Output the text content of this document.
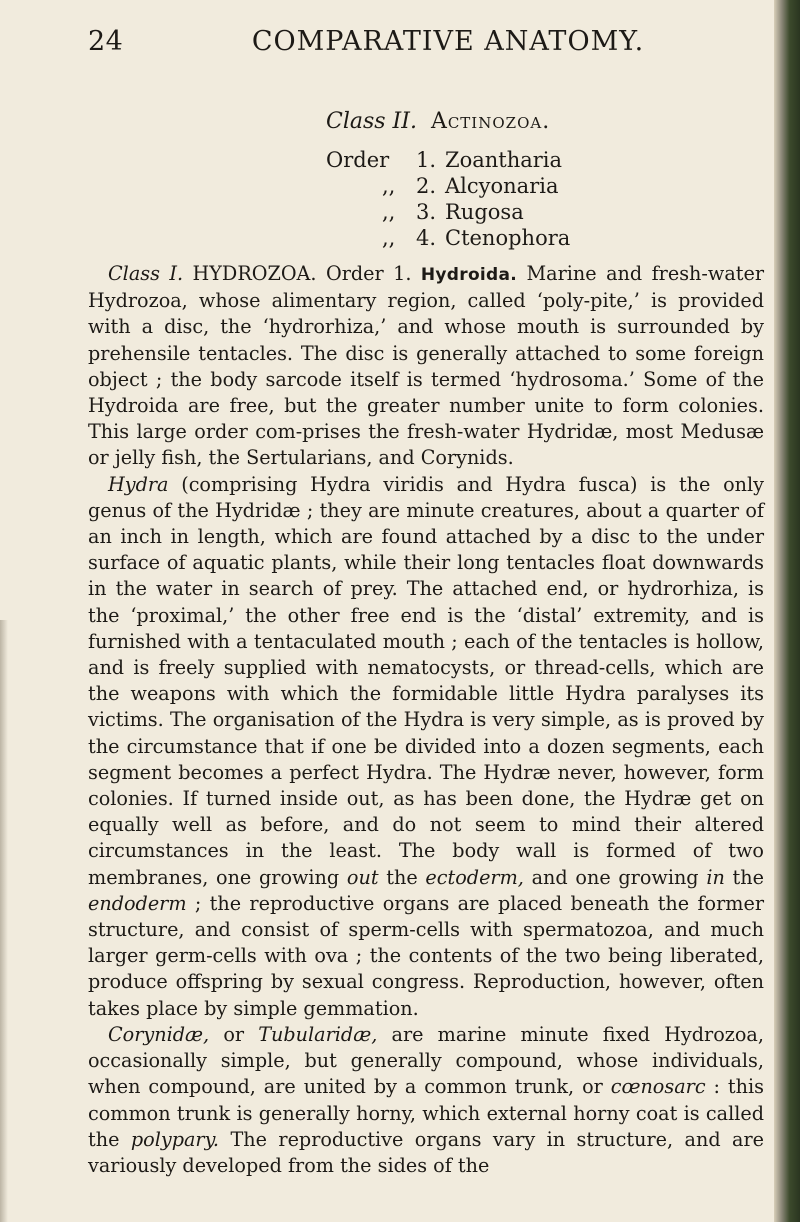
24	COMPARATIVE ANATOMY.
Class II. Actinozoa.
Order 1. Zoantharia
,, 2. Alcyonaria
,, 3. Rugosa
,, 4. Ctenophora

Class I. HYDROZOA. Order 1. Hydroida. Marine and fresh-water Hydrozoa, whose alimentary region, called ‘poly-pite,’ is provided with a disc, the ‘hydrorhiza,’ and whose mouth is surrounded by prehensile tentacles. The disc is generally attached to some foreign object ; the body sarcode itself is termed ‘hydrosoma.’ Some of the Hydroida are free, but the greater number unite to form colonies. This large order com-prises the fresh-water Hydridæ, most Medusæ or jelly fish, the Sertularians, and Corynids.

Hydra (comprising Hydra viridis and Hydra fusca) is the only genus of the Hydridæ ; they are minute creatures, about a quarter of an inch in length, which are found attached by a disc to the under surface of aquatic plants, while their long tentacles float downwards in the water in search of prey. The attached end, or hydrorhiza, is the ‘proximal,’ the other free end is the ‘distal’ extremity, and is furnished with a tentaculated mouth ; each of the tentacles is hollow, and is freely supplied with nematocysts, or thread-cells, which are the weapons with which the formidable little Hydra paralyses its victims. The organisation of the Hydra is very simple, as is proved by the circumstance that if one be divided into a dozen segments, each segment becomes a perfect Hydra. The Hydræ never, however, form colonies. If turned inside out, as has been done, the Hydræ get on equally well as before, and do not seem to mind their altered circumstances in the least. The body wall is formed of two membranes, one growing out the ectoderm, and one growing in the endoderm ; the reproductive organs are placed beneath the former structure, and consist of sperm-cells with spermatozoa, and much larger germ-cells with ova ; the contents of the two being liberated, produce offspring by sexual congress. Reproduction, however, often takes place by simple gemmation.

Corynidæ, or Tubularidæ, are marine minute fixed Hydrozoa, occasionally simple, but generally compound, whose individuals, when compound, are united by a common trunk, or cœnosarc : this common trunk is generally horny, which external horny coat is called the polypary. The reproductive organs vary in structure, and are variously developed from the sides of the
